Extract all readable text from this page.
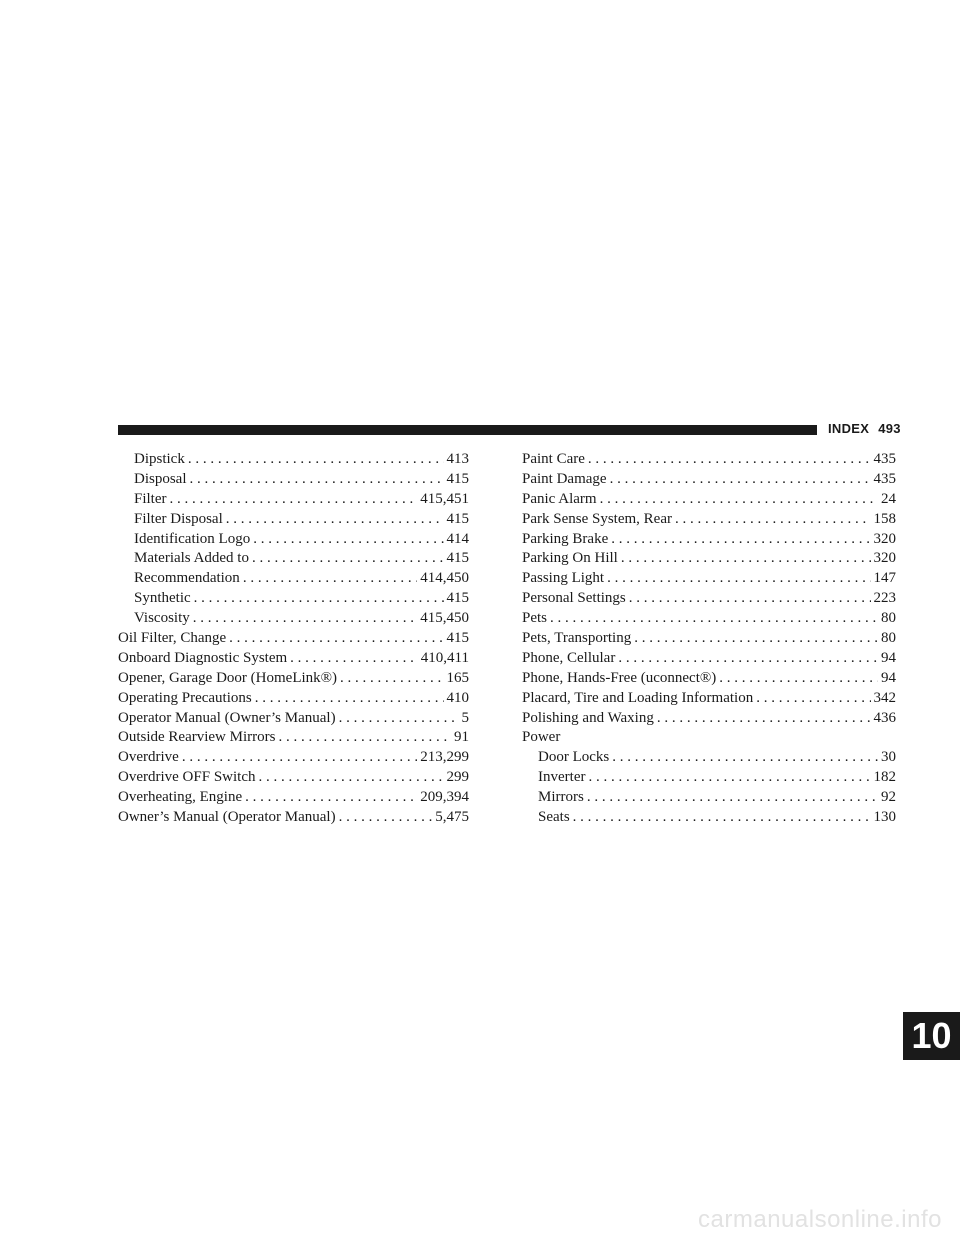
INDEX 493
Dipstick . . .	413
Disposal . . .	415
Filter . . .	415,451
Filter Disposal . . .	415
Identification Logo . . .	414
Materials Added to . . .	415
Recommendation . . .	414,450
Synthetic . . .	415
Viscosity . . .	415,450
Oil Filter, Change . . .	415
Onboard Diagnostic System . . .	410,411
Opener, Garage Door (HomeLink®) . . .	165
Operating Precautions . . .	410
Operator Manual (Owner’s Manual) . . .	5
Outside Rearview Mirrors . . .	91
Overdrive . . .	213,299
Overdrive OFF Switch . . .	299
Overheating, Engine . . .	209,394
Owner’s Manual (Operator Manual) . . .	5,475
Paint Care . . .	435
Paint Damage . . .	435
Panic Alarm . . .	24
Park Sense System, Rear . . .	158
Parking Brake . . .	320
Parking On Hill . . .	320
Passing Light . . .	147
Personal Settings . . .	223
Pets . . .	80
Pets, Transporting . . .	80
Phone, Cellular . . .	94
Phone, Hands-Free (uconnect®) . . .	94
Placard, Tire and Loading Information . . .	342
Polishing and Waxing . . .	436
Power
Door Locks . . .	30
Inverter . . .	182
Mirrors . . .	92
Seats . . .	130
10
carmanualsonline.info
